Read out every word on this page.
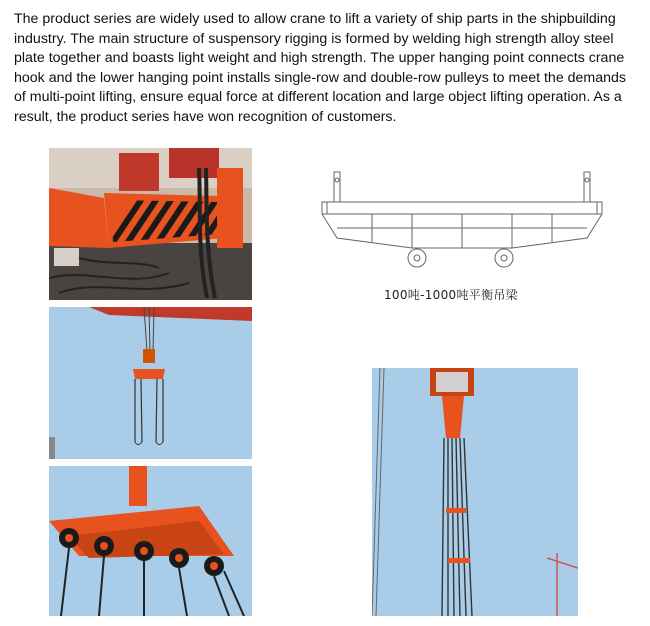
The product series are widely used to allow crane to lift a variety of ship parts in the shipbuilding industry. The main structure of suspensory rigging is formed by welding high strength alloy steel plate together and boasts light weight and high strength. The upper hanging point connects crane hook and the lower hanging point installs single-row and double-row pulleys to meet the demands of multi-point lifting, ensure equal force at different location and large object lifting operation. As a result, the product series have won recognition of customers.

100吨-1000吨平衡吊梁
